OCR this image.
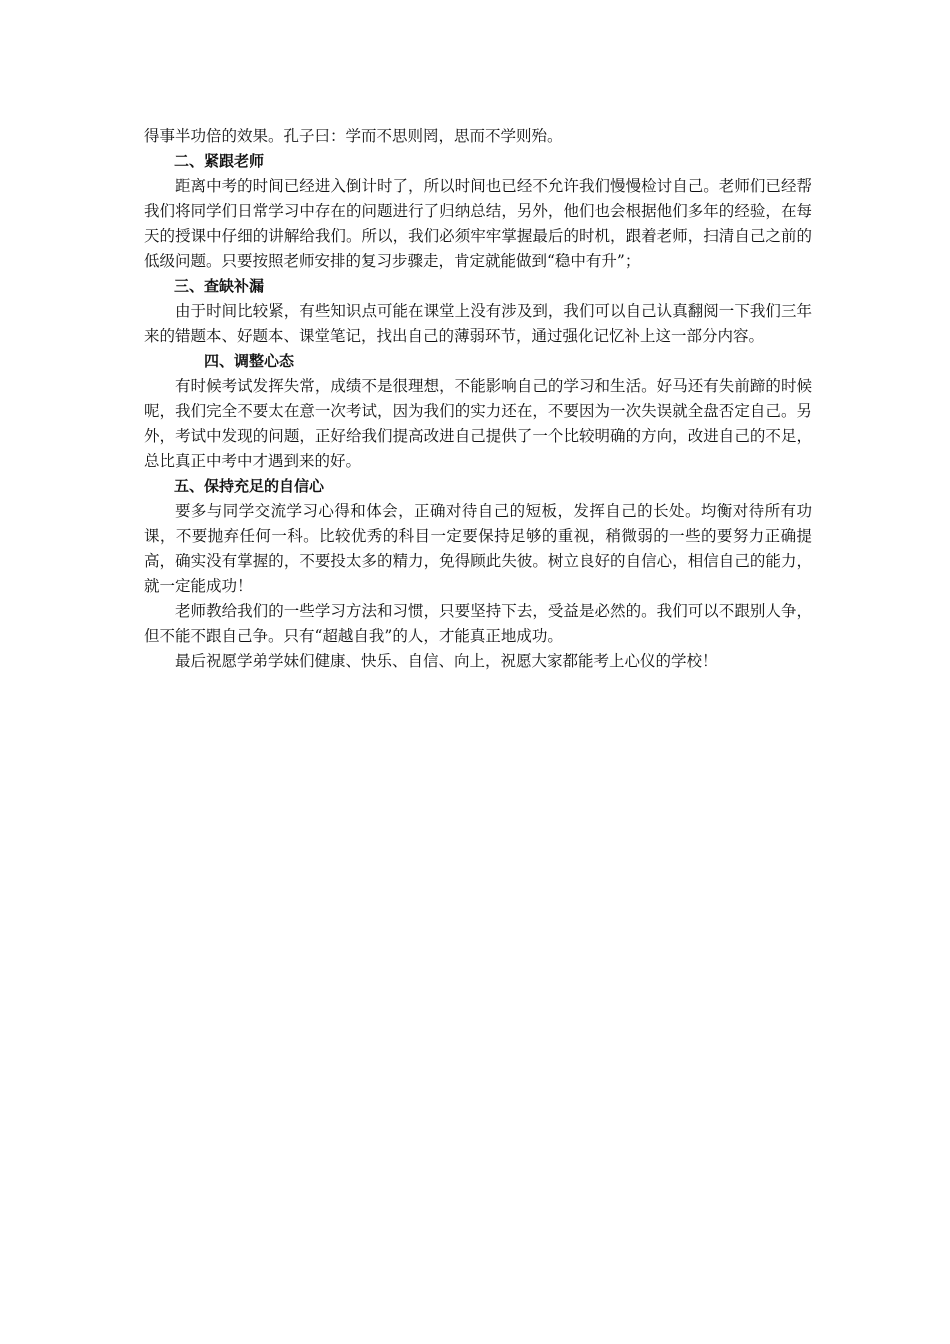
得事半功倍的效果。孔子曰：学而不思则罔，思而不学则殆。

二、紧跟老师

距离中考的时间已经进入倒计时了，所以时间也已经不允许我们慢慢检讨自己。老师们已经帮我们将同学们日常学习中存在的问题进行了归纳总结，另外，他们也会根据他们多年的经验，在每天的授课中仔细的讲解给我们。所以，我们必须牢牢掌握最后的时机，跟着老师，扫清自己之前的低级问题。只要按照老师安排的复习步骤走，肯定就能做到“稳中有升”；

三、查缺补漏

由于时间比较紧，有些知识点可能在课堂上没有涉及到，我们可以自己认真翻阅一下我们三年来的错题本、好题本、课堂笔记，找出自己的薄弱环节，通过强化记忆补上这一部分内容。

四、调整心态

有时候考试发挥失常，成绩不是很理想，不能影响自己的学习和生活。好马还有失前蹄的时候呢，我们完全不要太在意一次考试，因为我们的实力还在，不要因为一次失误就全盘否定自己。另外，考试中发现的问题，正好给我们提高改进自己提供了一个比较明确的方向，改进自己的不足，总比真正中考中才遇到来的好。

五、保持充足的自信心

要多与同学交流学习心得和体会，正确对待自己的短板，发挥自己的长处。均衡对待所有功课，不要抛弃任何一科。比较优秀的科目一定要保持足够的重视，稍微弱的一些的要努力正确提高，确实没有掌握的，不要投太多的精力，免得顾此失彼。树立良好的自信心，相信自己的能力，就一定能成功！

老师教给我们的一些学习方法和习惯，只要坚持下去，受益是必然的。我们可以不跟别人争，但不能不跟自己争。只有“超越自我”的人，才能真正地成功。

最后祝愿学弟学妹们健康、快乐、自信、向上，祝愿大家都能考上心仪的学校！
